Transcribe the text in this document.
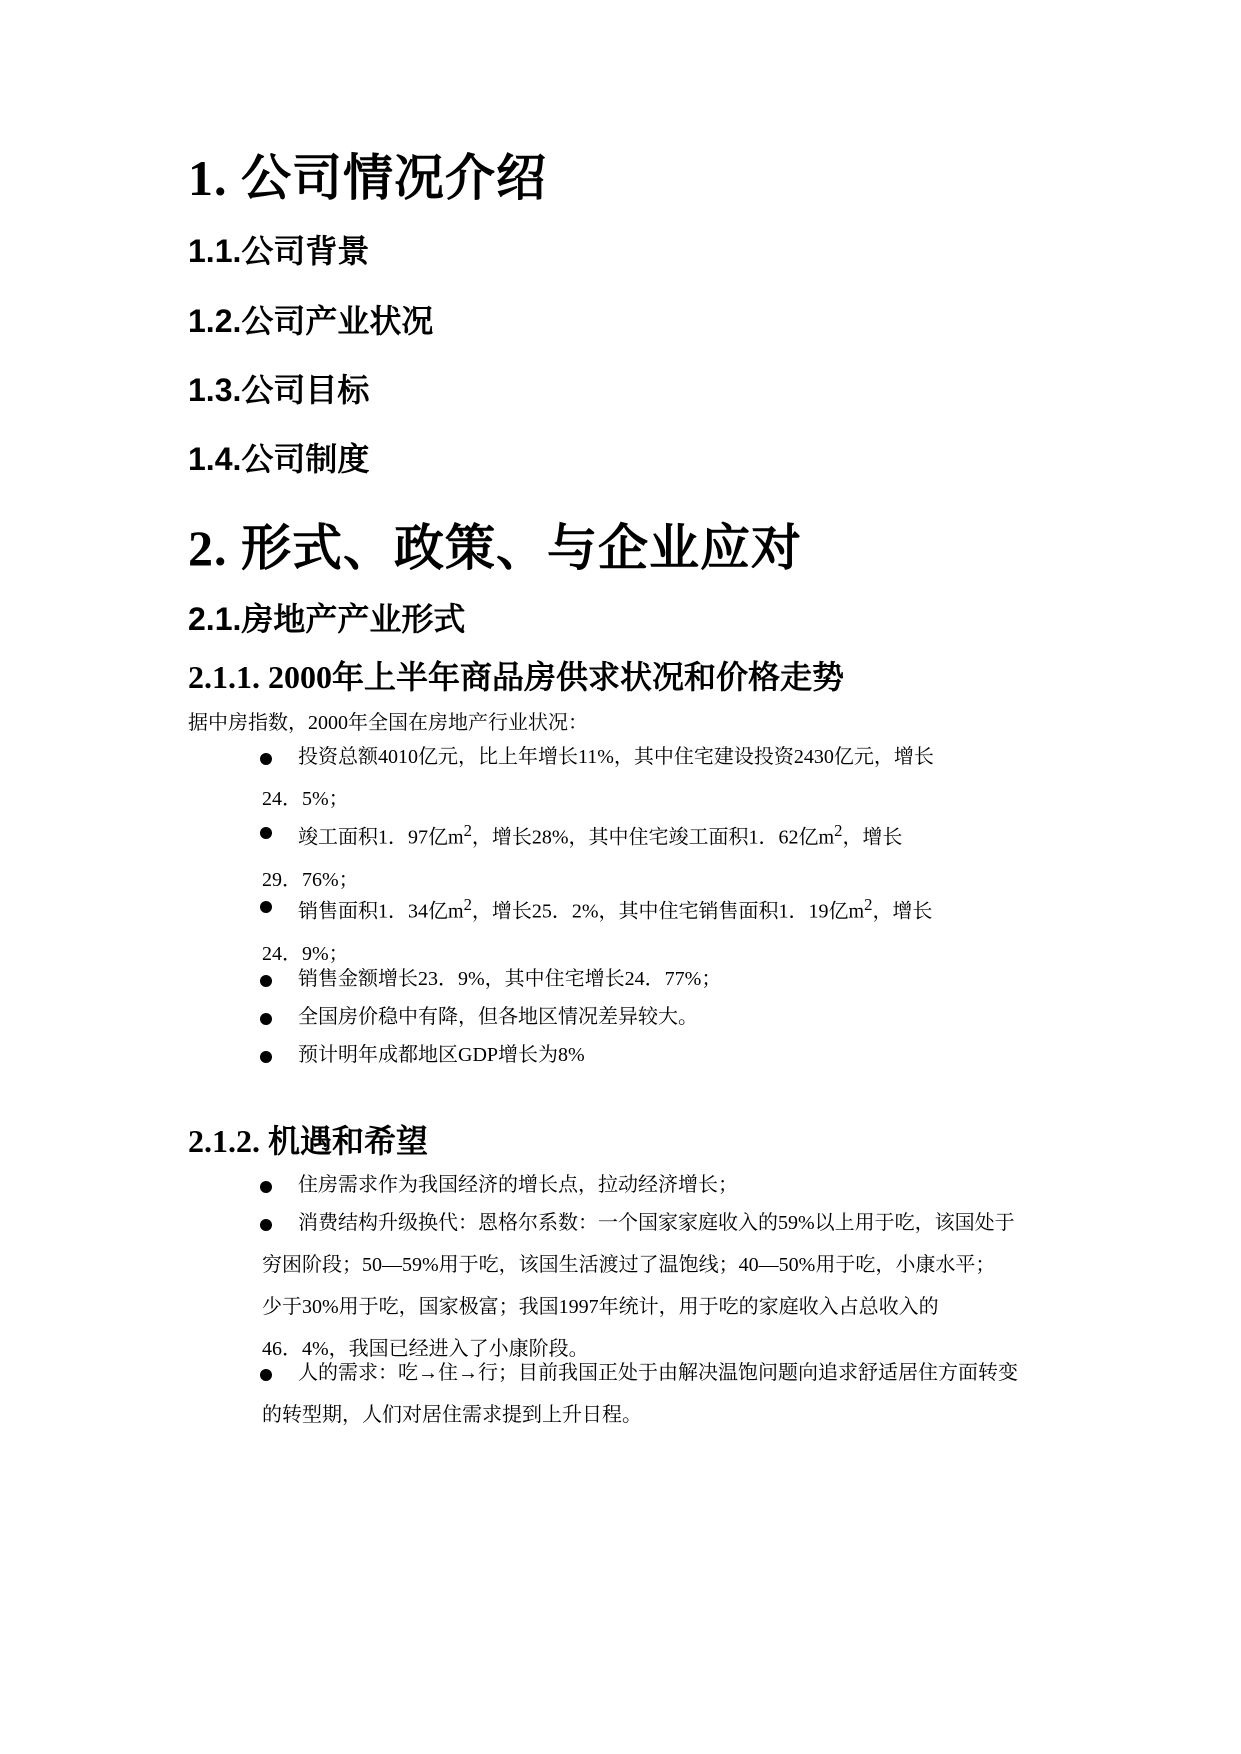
1. 公司情况介绍
1.1.公司背景
1.2.公司产业状况
1.3.公司目标
1.4.公司制度
2. 形式、政策、与企业应对
2.1.房地产产业形式
2.1.1. 2000年上半年商品房供求状况和价格走势
据中房指数，2000年全国在房地产行业状况：
投资总额4010亿元，比上年增长11%，其中住宅建设投资2430亿元，增长
24．5%；
竣工面积1．97亿$m^2$，增长28%，其中住宅竣工面积1．62亿$m^2$，增长
29．76%；
销售面积1．34亿$m^2$，增长25．2%，其中住宅销售面积1．19亿$m^2$，增长
24．9%；
销售金额增长23．9%，其中住宅增长24．77%；
全国房价稳中有降，但各地区情况差异较大。
预计明年成都地区GDP增长为8%
2.1.2. 机遇和希望
住房需求作为我国经济的增长点，拉动经济增长；
消费结构升级换代：恩格尔系数：一个国家家庭收入的59%以上用于吃，该国处于
穷困阶段；50—59%用于吃，该国生活渡过了温饱线；40—50%用于吃，小康水平；
少于30%用于吃，国家极富；我国1997年统计，用于吃的家庭收入占总收入的
46．4%，我国已经进入了小康阶段。
人的需求：吃→住→行；目前我国正处于由解决温饱问题向追求舒适居住方面转变
的转型期，人们对居住需求提到上升日程。
